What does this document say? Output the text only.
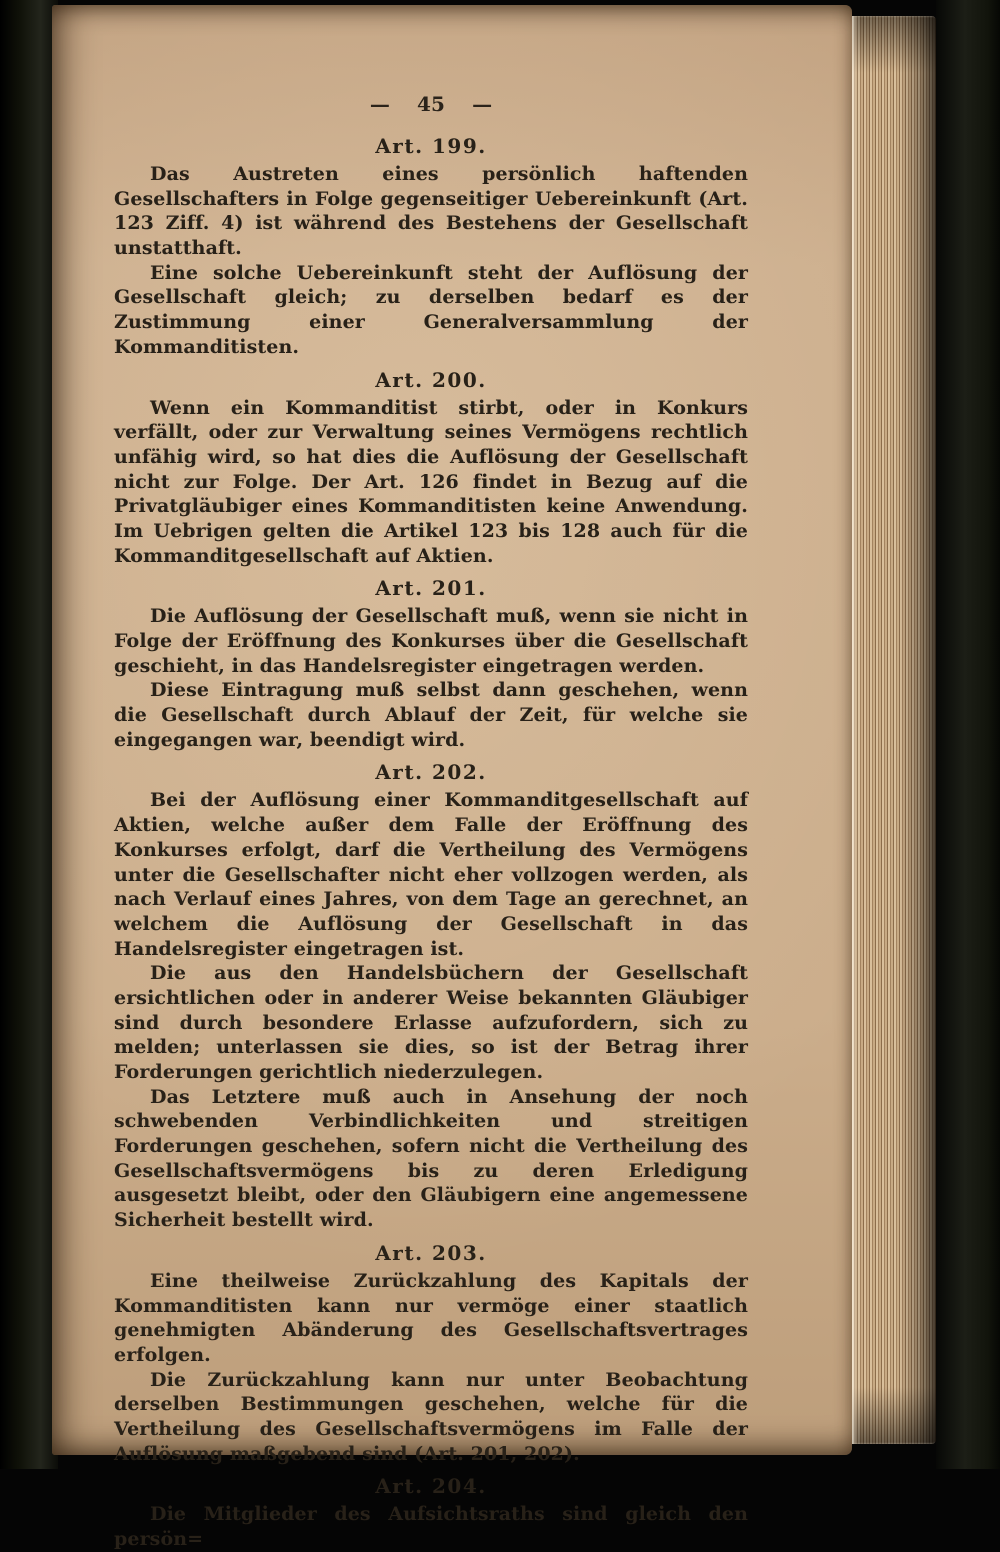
— 45 —
Art. 199.

Das Austreten eines persönlich haftenden Gesellschafters in Folge gegenseitiger Uebereinkunft (Art. 123 Ziff. 4) ist während des Bestehens der Gesellschaft unstatthaft.

Eine solche Uebereinkunft steht der Auflösung der Gesellschaft gleich; zu derselben bedarf es der Zustimmung einer Generalversammlung der Kommanditisten.

Art. 200.

Wenn ein Kommanditist stirbt, oder in Konkurs verfällt, oder zur Verwaltung seines Vermögens rechtlich unfähig wird, so hat dies die Auflösung der Gesellschaft nicht zur Folge. Der Art. 126 findet in Bezug auf die Privatgläubiger eines Kommanditisten keine Anwendung. Im Uebrigen gelten die Artikel 123 bis 128 auch für die Kommanditgesellschaft auf Aktien.

Art. 201.

Die Auflösung der Gesellschaft muß, wenn sie nicht in Folge der Eröffnung des Konkurses über die Gesellschaft geschieht, in das Handelsregister eingetragen werden.

Diese Eintragung muß selbst dann geschehen, wenn die Gesellschaft durch Ablauf der Zeit, für welche sie eingegangen war, beendigt wird.

Art. 202.

Bei der Auflösung einer Kommanditgesellschaft auf Aktien, welche außer dem Falle der Eröffnung des Konkurses erfolgt, darf die Vertheilung des Vermögens unter die Gesellschafter nicht eher vollzogen werden, als nach Verlauf eines Jahres, von dem Tage an gerechnet, an welchem die Auflösung der Gesellschaft in das Handelsregister eingetragen ist.

Die aus den Handelsbüchern der Gesellschaft ersichtlichen oder in anderer Weise bekannten Gläubiger sind durch besondere Erlasse aufzufordern, sich zu melden; unterlassen sie dies, so ist der Betrag ihrer Forderungen gerichtlich niederzulegen.

Das Letztere muß auch in Ansehung der noch schwebenden Verbindlichkeiten und streitigen Forderungen geschehen, sofern nicht die Vertheilung des Gesellschaftsvermögens bis zu deren Erledigung ausgesetzt bleibt, oder den Gläubigern eine angemessene Sicherheit bestellt wird.

Art. 203.

Eine theilweise Zurückzahlung des Kapitals der Kommanditisten kann nur vermöge einer staatlich genehmigten Abänderung des Gesellschaftsvertrages erfolgen.

Die Zurückzahlung kann nur unter Beobachtung derselben Bestimmungen geschehen, welche für die Vertheilung des Gesellschaftsvermögens im Falle der Auflösung maßgebend sind (Art. 201, 202).

Art. 204.

Die Mitglieder des Aufsichtsraths sind gleich den persön=
